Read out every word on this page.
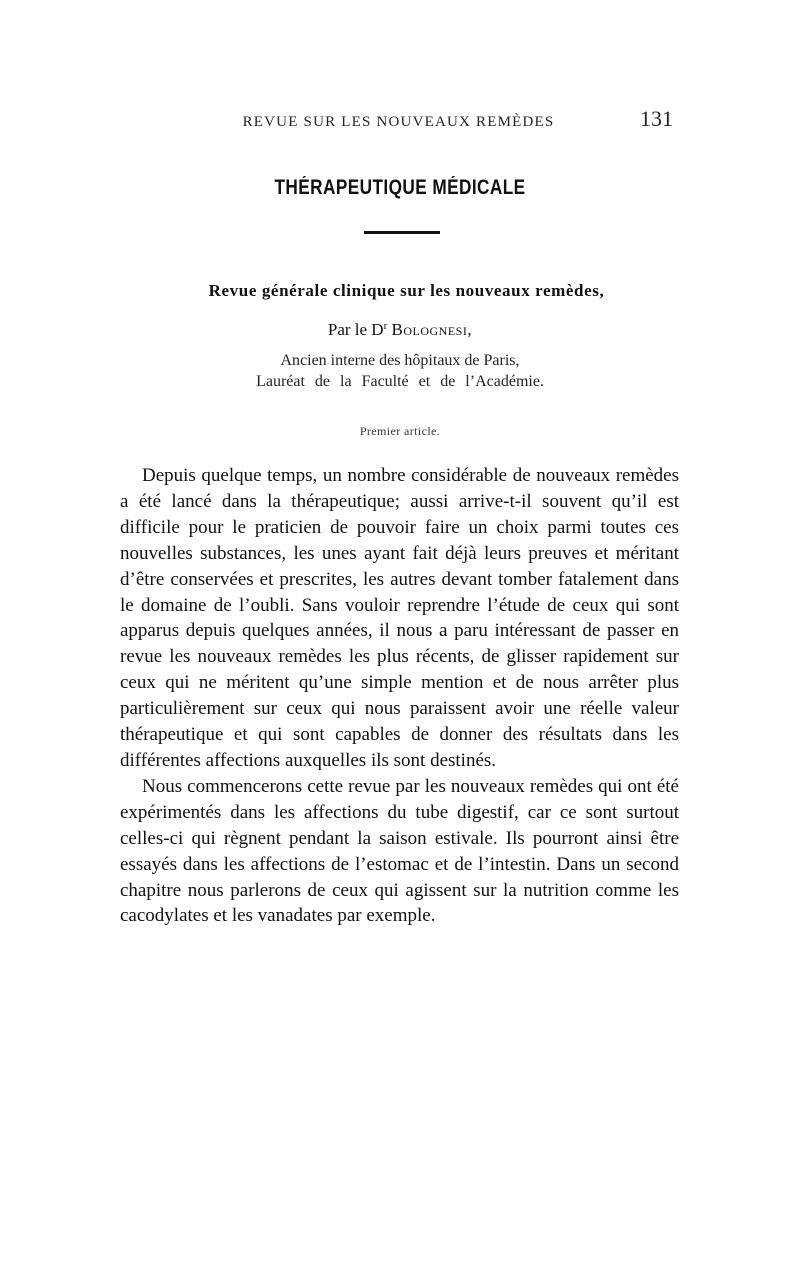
REVUE SUR LES NOUVEAUX REMÈDES	131
THÉRAPEUTIQUE MÉDICALE
Revue générale clinique sur les nouveaux remèdes,
Par le $D^r$ Bolognesi,
Ancien interne des hôpitaux de Paris,
Lauréat de la Faculté et de l’Académie.
Premier article.

Depuis quelque temps, un nombre considérable de nouveaux remèdes a été lancé dans la thérapeutique; aussi arrive-t-il souvent qu’il est difficile pour le praticien de pouvoir faire un choix parmi toutes ces nouvelles substances, les unes ayant fait déjà leurs preuves et méritant d’être conservées et prescrites, les autres devant tomber fatalement dans le domaine de l’oubli. Sans vouloir reprendre l’étude de ceux qui sont apparus depuis quelques années, il nous a paru intéressant de passer en revue les nouveaux remèdes les plus récents, de glisser rapidement sur ceux qui ne méritent qu’une simple mention et de nous arrêter plus particulièrement sur ceux qui nous paraissent avoir une réelle valeur thérapeutique et qui sont capables de donner des résultats dans les différentes affections auxquelles ils sont destinés.

Nous commencerons cette revue par les nouveaux remèdes qui ont été expérimentés dans les affections du tube digestif, car ce sont surtout celles-ci qui règnent pendant la saison estivale. Ils pourront ainsi être essayés dans les affections de l’estomac et de l’intestin. Dans un second chapitre nous parlerons de ceux qui agissent sur la nutrition comme les cacodylates et les vanadates par exemple.
